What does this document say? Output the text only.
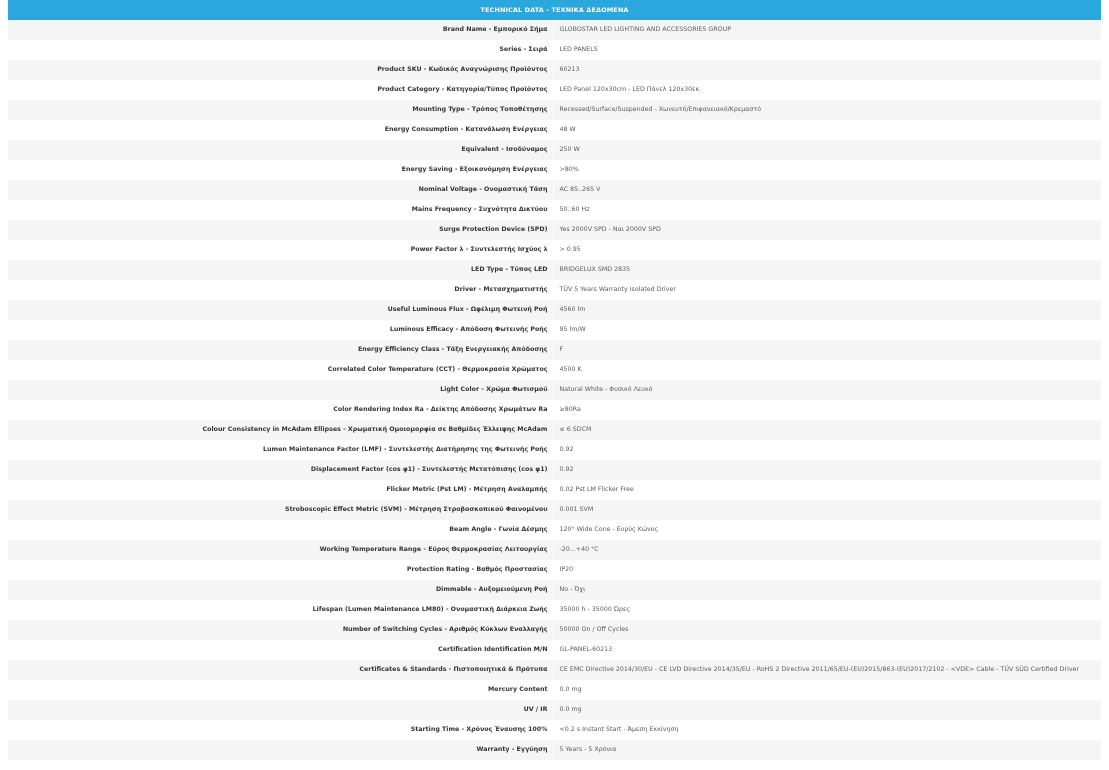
TECHNICAL DATA - ΤΕΧΝΙΚΑ ΔΕΔΟΜΕΝΑ
Brand Name - Εμπορικό Σήμα	GLOBOSTAR LED LIGHTING AND ACCESSORIES GROUP
Series - Σειρά	LED PANELS
Product SKU - Κωδικός Αναγνώρισης Προϊόντος	60213
Product Category - Κατηγορία/Τύπος Προϊόντος	LED Panel 120x30cm - LED Πάνελ 120x30εκ
Mounting Type - Τρόπος Τοποθέτησης	Recessed/Surface/Suspended - Χωνευτό/Επιφανειακό/Κρεμαστό
Energy Consumption - Κατανάλωση Ενέργειας	48 W
Equivalent - Ισοδύναμος	250 W
Energy Saving - Εξοικονόμηση Ενέργειας	>80%
Nominal Voltage - Ονομαστική Τάση	AC 85..265 V
Mains Frequency - Συχνότητα Δικτύου	50..60 Hz
Surge Protection Device (SPD)	Yes 2000V SPD - Ναι 2000V SPD
Power Factor λ - Συντελεστής Ισχύος λ	> 0.95
LED Type - Τύπος LED	BRIDGELUX SMD 2835
Driver - Μετασχηματιστής	TÜV 5 Years Warranty Isolated Driver
Useful Luminous Flux - Ωφέλιμη Φωτεινή Ροή	4560 lm
Luminous Efficacy - Απόδοση Φωτεινής Ροής	95 lm/W
Energy Efficiency Class - Τάξη Ενεργειακής Απόδοσης	F
Correlated Color Temperature (CCT) - Θερμοκρασία Χρώματος	4500 K
Light Color - Χρώμα Φωτισμού	Natural White - Φυσικό Λευκό
Color Rendering Index Ra - Δείκτης Απόδοσης Χρωμάτων Ra	≥80Ra
Colour Consistency in McAdam Ellipses - Χρωματική Ομοιομορφία σε Βαθμίδες Έλλειψης McAdam	≤ 6 SDCM
Lumen Maintenance Factor (LMF) - Συντελεστής Διατήρησης της Φωτεινής Ροής	0.92
Displacement Factor (cos φ1) - Συντελεστής Μετατόπισης (cos φ1)	0.92
Flicker Metric (Pst LM) - Μέτρηση Αναλαμπής	0.02 Pst LM Flicker Free
Stroboscopic Effect Metric (SVM) - Μέτρηση Στροβοσκοπικού Φαινομένου	0.001 SVM
Beam Angle - Γωνία Δέσμης	120° Wide Cone - Ευρύς Κώνος
Working Temperature Range - Εύρος Θερμοκρασίας Λειτουργίας	-20...+40 °C
Protection Rating - Βαθμός Προστασίας	IP20
Dimmable - Αυξομειούμενη Ροή	No - Όχι
Lifespan (Lumen Maintenance LM80) - Ονομαστική Διάρκεια Ζωής	35000 h - 35000 Ώρες
Number of Switching Cycles - Αριθμός Κύκλων Εναλλαγής	50000 On / Off Cycles
Certification Identification M/N	GL-PANEL-60213
Certificates & Standards - Πιστοποιητικά & Πρότυπα	CE EMC Directive 2014/30/EU - CE LVD Directive 2014/35/EU - RoHS 2 Directive 2011/65/EU-(EU)2015/863-(EU)2017/2102 - <VDE> Cable - TÜV SÜD Certified Driver
Mercury Content	0.0 mg
UV / IR	0.0 mg
Starting Time - Χρόνος Έναυσης 100%	<0.2 s Instant Start - Άμεση Εκκίνηση
Warranty - Εγγύηση	5 Years - 5 Χρόνια
